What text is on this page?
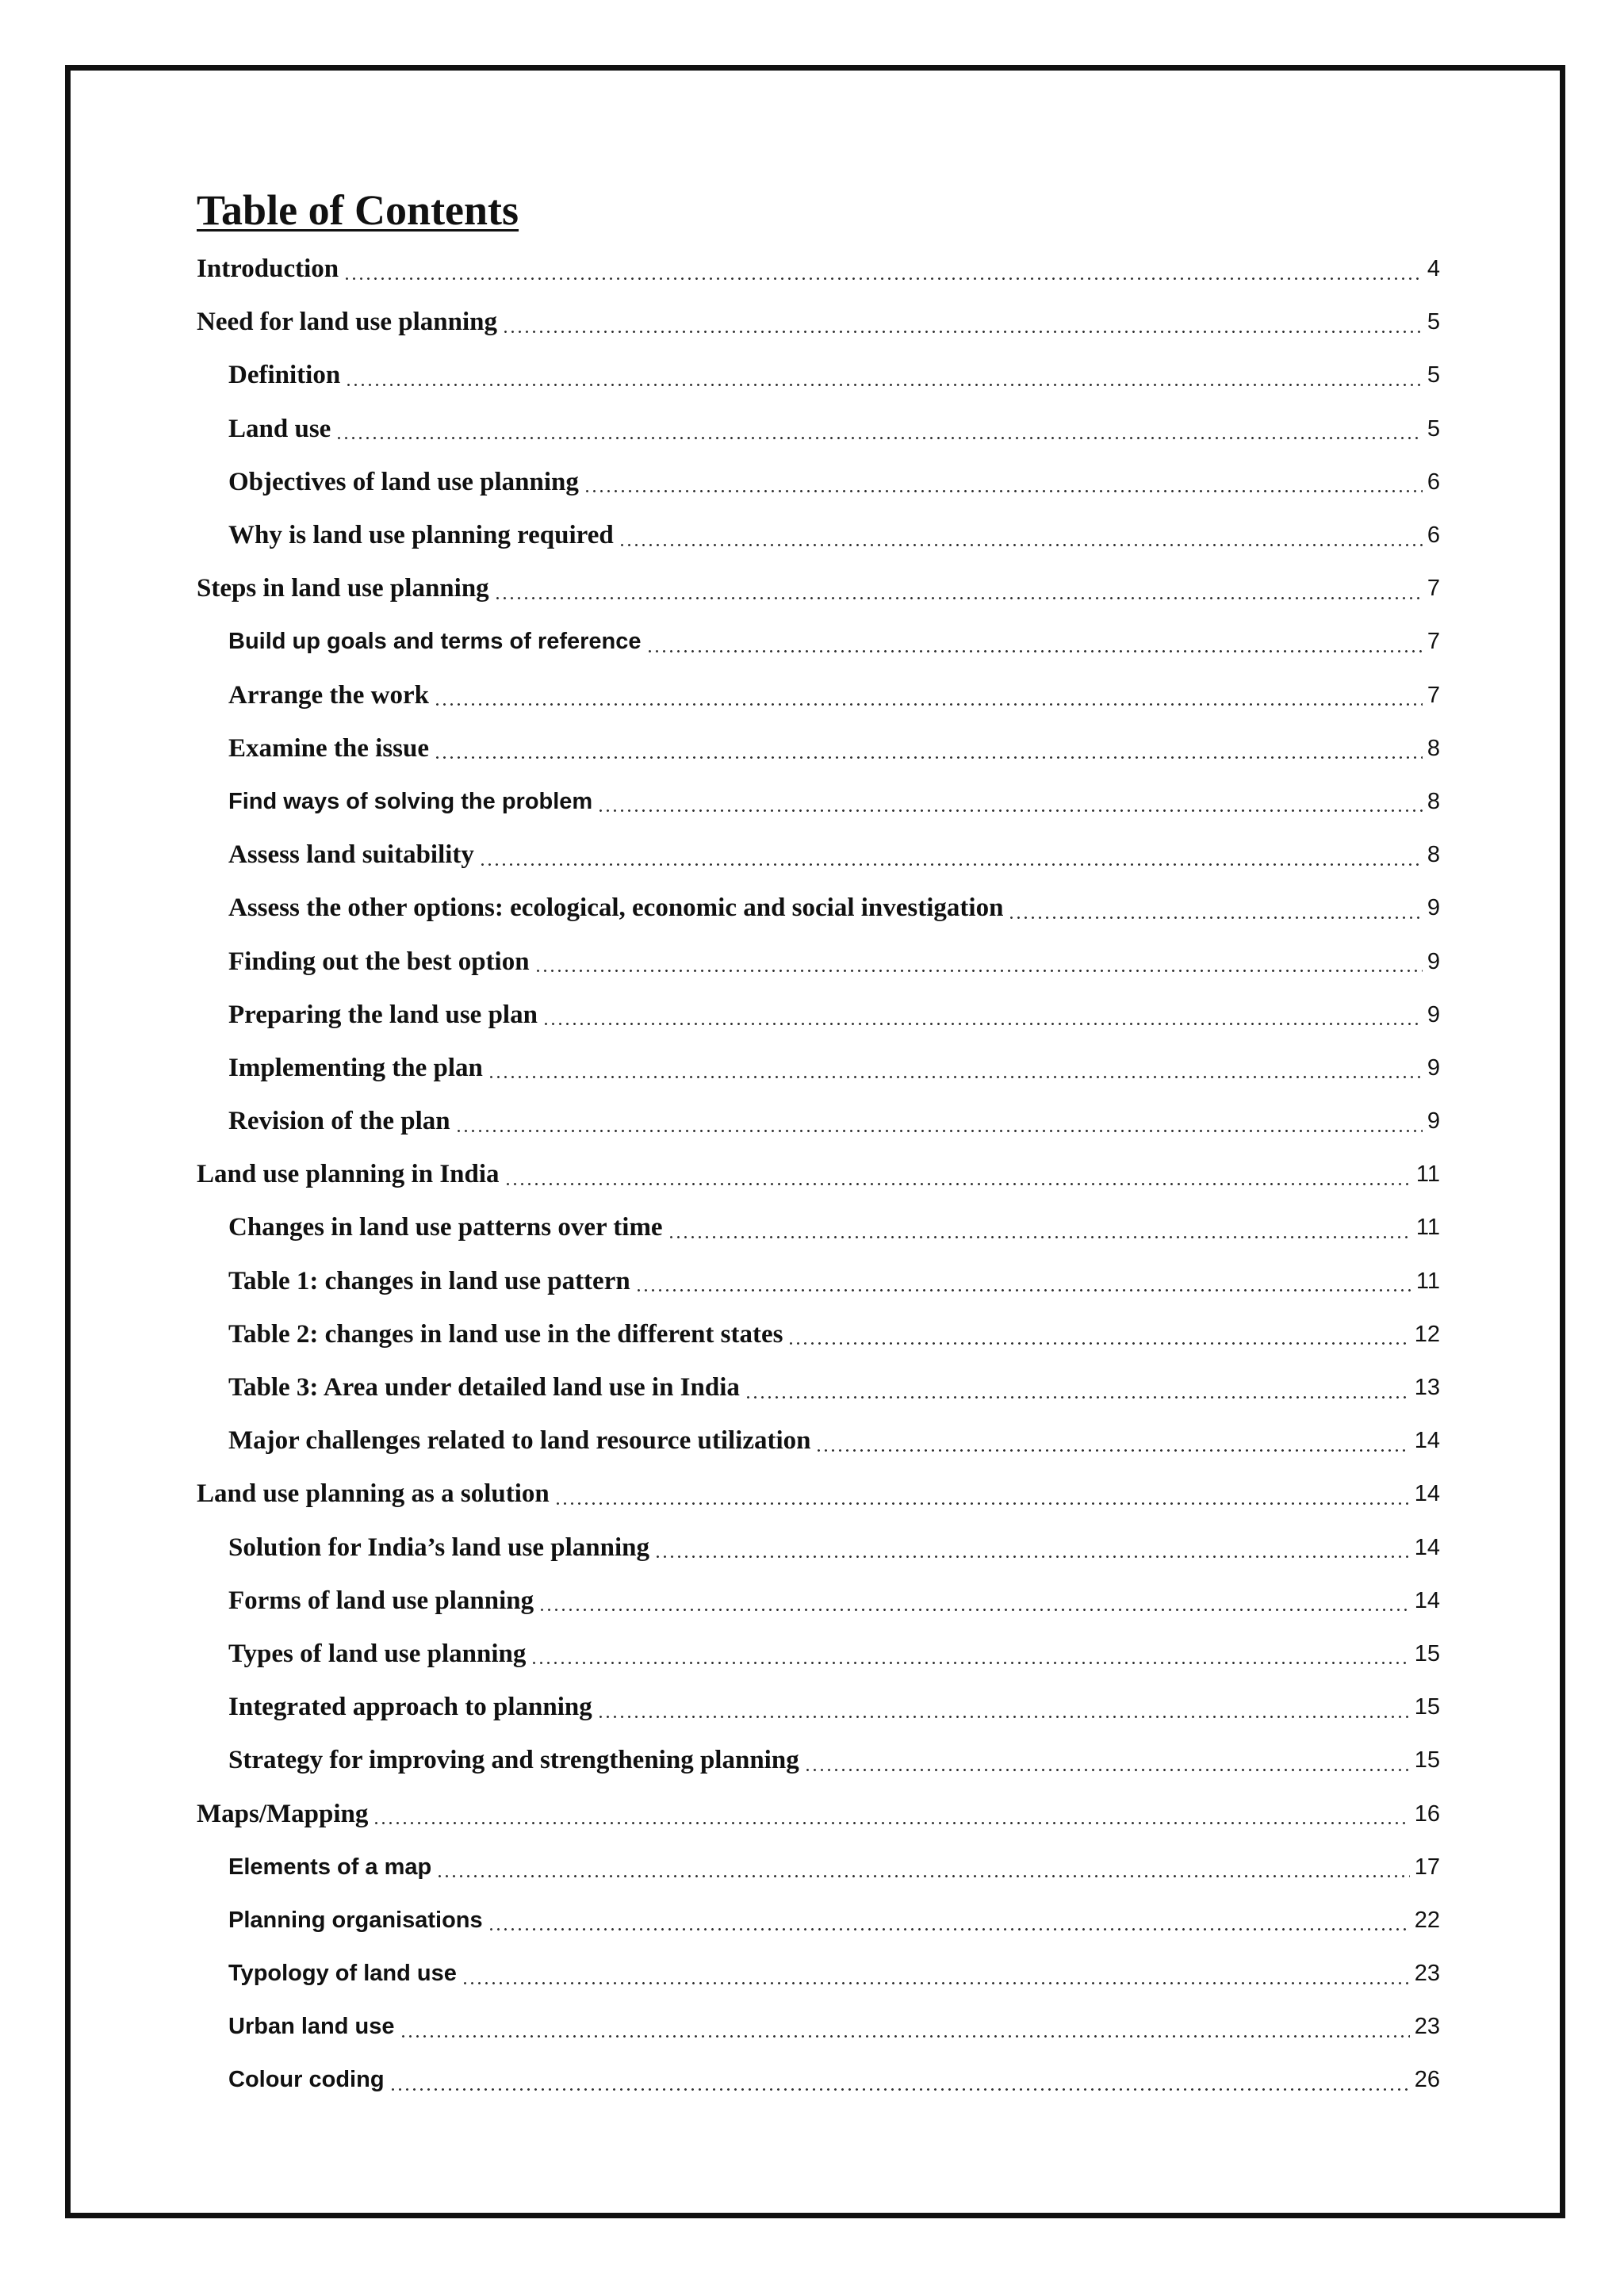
Table of Contents
Introduction	4
Need for land use planning	5
Definition	5
Land use	5
Objectives of land use planning	6
Why is land use planning required	6
Steps in land use planning	7
Build up goals and terms of reference	7
Arrange the work	7
Examine the issue	8
Find ways of solving the problem	8
Assess land suitability	8
Assess the other options: ecological, economic and social investigation	9
Finding out the best option	9
Preparing the land use plan	9
Implementing the plan	9
Revision of the plan	9
Land use planning in India	11
Changes in land use patterns over time	11
Table 1: changes in land use pattern	11
Table 2: changes in land use in the different states	12
Table 3: Area under detailed land use in India	13
Major challenges related to land resource utilization	14
Land use planning as a solution	14
Solution for India’s land use planning	14
Forms of land use planning	14
Types of land use planning	15
Integrated approach to planning	15
Strategy for improving and strengthening planning	15
Maps/Mapping	16
Elements of a map	17
Planning organisations	22
Typology of land use	23
Urban land use	23
Colour coding	26
